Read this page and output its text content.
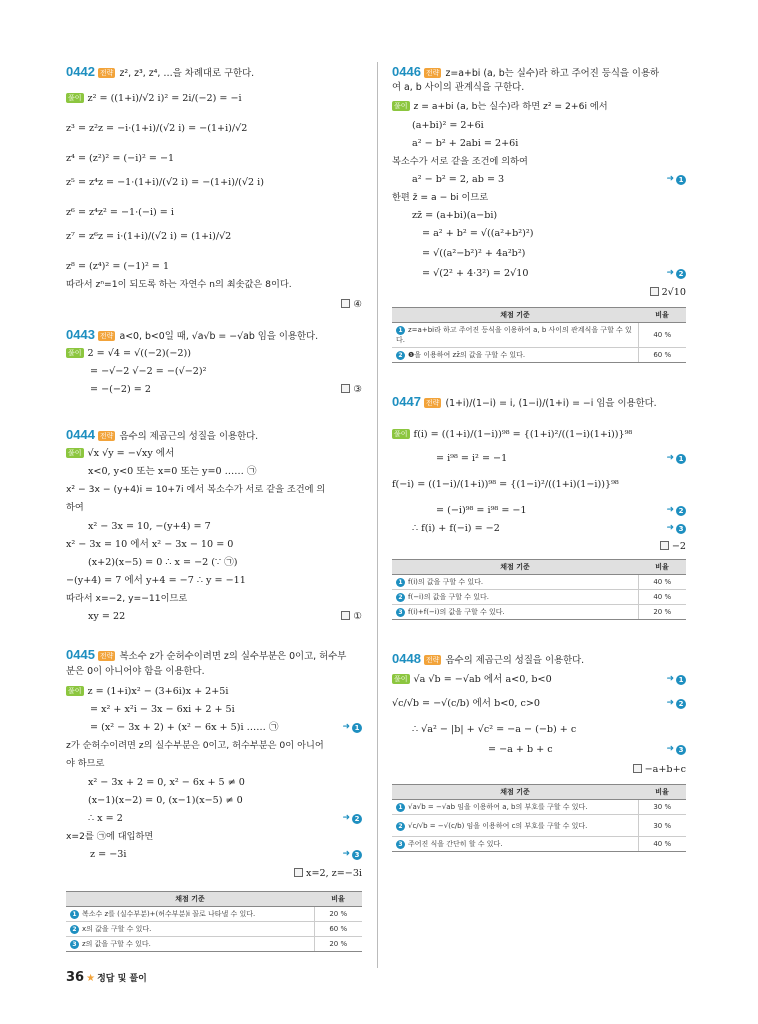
0442 전략 z², z³, z⁴, …을 차례대로 구한다.
풀이 z² = ((1+i)/√2 i)² = 2i/(−2) = −i
z³ = z²z = −i·(1+i)/(√2 i) = −(1+i)/√2
z⁴ = (z²)² = (−i)² = −1
z⁵ = z⁴z = −1·(1+i)/(√2 i) = −(1+i)/(√2 i)
z⁶ = z⁴z² = −1·(−i) = i
z⁷ = z⁶z = i·(1+i)/(√2 i) = (1+i)/√2
z⁸ = (z⁴)² = (−1)² = 1
따라서 zⁿ=1이 되도록 하는 자연수 n의 최솟값은 8이다.
④
0443 전략 a<0, b<0일 때, √a√b = −√ab 임을 이용한다.
풀이 2 = √4 = √((−2)(−2))
= −√−2 √−2 = −(√−2)²
= −(−2) = 2	③
0444 전략 음수의 제곱근의 성질을 이용한다.
풀이 √x √y = −√xy 에서
x<0, y<0 또는 x=0 또는 y=0 …… ㉠
x² − 3x − (y+4)i = 10+7i 에서 복소수가 서로 같을 조건에 의
하여
x² − 3x = 10, −(y+4) = 7
x² − 3x = 10 에서 x² − 3x − 10 = 0
(x+2)(x−5) = 0 ∴ x = −2 (∵ ㉠)
−(y+4) = 7 에서 y+4 = −7 ∴ y = −11
따라서 x=−2, y=−11이므로
xy = 22	①
0445 전략 복소수 z가 순허수이려면 z의 실수부분은 0이고, 허수부
분은 0이 아니어야 함을 이용한다.
풀이 z = (1+i)x² − (3+6i)x + 2+5i
= x² + x²i − 3x − 6xi + 2 + 5i
= (x² − 3x + 2) + (x² − 6x + 5)i …… ㉠	➜ 1
z가 순허수이려면 z의 실수부분은 0이고, 허수부분은 0이 아니어
야 하므로
x² − 3x + 2 = 0, x² − 6x + 5 ≠ 0
(x−1)(x−2) = 0, (x−1)(x−5) ≠ 0
∴ x = 2	➜ 2
x=2를 ㉠에 대입하면
z = −3i	➜ 3
x=2, z=−3i
채점 기준	비율
1 복소수 z를 (실수부분)+(허수부분)i 꼴로 나타낼 수 있다.	20 %
2 x의 값을 구할 수 있다.	60 %
3 z의 값을 구할 수 있다.	20 %
0446 전략 z=a+bi (a, b는 실수)라 하고 주어진 등식을 이용하
여 a, b 사이의 관계식을 구한다.
풀이 z = a+bi (a, b는 실수)라 하면 z² = 2+6i 에서
(a+bi)² = 2+6i
a² − b² + 2abi = 2+6i
복소수가 서로 같을 조건에 의하여
a² − b² = 2, ab = 3	➜ 1
한편 z̄ = a − bi 이므로
zz̄ = (a+bi)(a−bi)
= a² + b² = √((a²+b²)²)
= √((a²−b²)² + 4a²b²)
= √(2² + 4·3²) = 2√10	➜ 2
2√10
채점 기준	비율
1 z=a+bi라 하고 주어진 등식을 이용하여 a, b 사이의 관계식을 구할 수 있다.	40 %
2 ❶을 이용하여 zz̄의 값을 구할 수 있다.	60 %
0447 전략 (1+i)/(1−i) = i, (1−i)/(1+i) = −i 임을 이용한다.
풀이 f(i) = ((1+i)/(1−i))⁹⁸ = {(1+i)²/((1−i)(1+i))}⁹⁸
= i⁹⁸ = i² = −1	➜ 1
f(−i) = ((1−i)/(1+i))⁹⁸ = {(1−i)²/((1+i)(1−i))}⁹⁸
= (−i)⁹⁸ = i⁹⁸ = −1	➜ 2
∴ f(i) + f(−i) = −2	➜ 3
−2
채점 기준	비율
1 f(i)의 값을 구할 수 있다.	40 %
2 f(−i)의 값을 구할 수 있다.	40 %
3 f(i)+f(−i)의 값을 구할 수 있다.	20 %
0448 전략 음수의 제곱근의 성질을 이용한다.
풀이 √a √b = −√ab 에서 a<0, b<0	➜ 1
√c/√b = −√(c/b) 에서 b<0, c>0	➜ 2
∴ √a² − |b| + √c² = −a − (−b) + c
= −a + b + c	➜ 3
−a+b+c
채점 기준	비율
1 √a√b = −√ab 임을 이용하여 a, b의 부호를 구할 수 있다.	30 %
2 √c/√b = −√(c/b) 임을 이용하여 c의 부호를 구할 수 있다.	30 %
3 주어진 식을 간단히 할 수 있다.	40 %
36 ★ 정답 및 풀이
